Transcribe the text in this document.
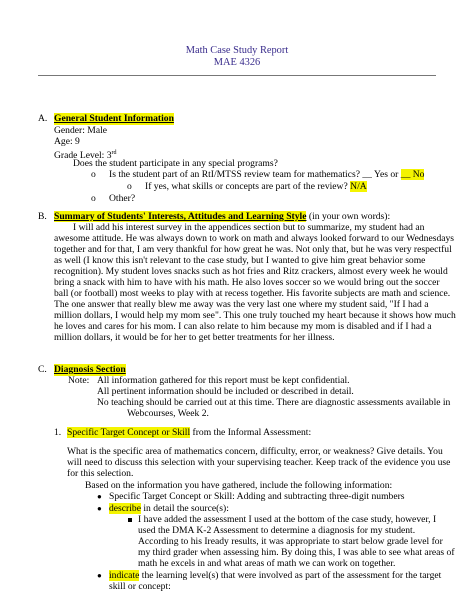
Math Case Study Report
MAE 4326
A. General Student Information
Gender: Male
Age: 9
Grade Level: 3rd
Does the student participate in any special programs?
o Is the student part of an RtI/MTSS review team for mathematics? __ Yes or __ No
o If yes, what skills or concepts are part of the review? N/A
o Other?
B. Summary of Students' Interests, Attitudes and Learning Style (in your own words):
I will add his interest survey in the appendices section but to summarize, my student had an
awesome attitude. He was always down to work on math and always looked forward to our Wednesdays
together and for that, I am very thankful for how great he was. Not only that, but he was very respectful
as well (I know this isn't relevant to the case study, but I wanted to give him great behavior some
recognition). My student loves snacks such as hot fries and Ritz crackers, almost every week he would
bring a snack with him to have with his math. He also loves soccer so we would bring out the soccer
ball (or football) most weeks to play with at recess together. His favorite subjects are math and science.
The one answer that really blew me away was the very last one where my student said, "If I had a
million dollars, I would help my mom see". This one truly touched my heart because it shows how much
he loves and cares for his mom. I can also relate to him because my mom is disabled and if I had a
million dollars, it would be for her to get better treatments for her illness.
C. Diagnosis Section
Note: All information gathered for this report must be kept confidential.
All pertinent information should be included or described in detail.
No teaching should be carried out at this time. There are diagnostic assessments available in
Webcourses, Week 2.
1. Specific Target Concept or Skill from the Informal Assessment:
What is the specific area of mathematics concern, difficulty, error, or weakness? Give details. You
will need to discuss this selection with your supervising teacher. Keep track of the evidence you use
for this selection.
Based on the information you have gathered, include the following information:
● Specific Target Concept or Skill: Adding and subtracting three-digit numbers
● describe in detail the source(s):
I have added the assessment I used at the bottom of the case study, however, I
used the DMA K-2 Assessment to determine a diagnosis for my student.
According to his Iready results, it was appropriate to start below grade level for
my third grader when assessing him. By doing this, I was able to see what areas of
math he excels in and what areas of math we can work on together.
● indicate the learning level(s) that were involved as part of the assessment for the target
skill or concept:
